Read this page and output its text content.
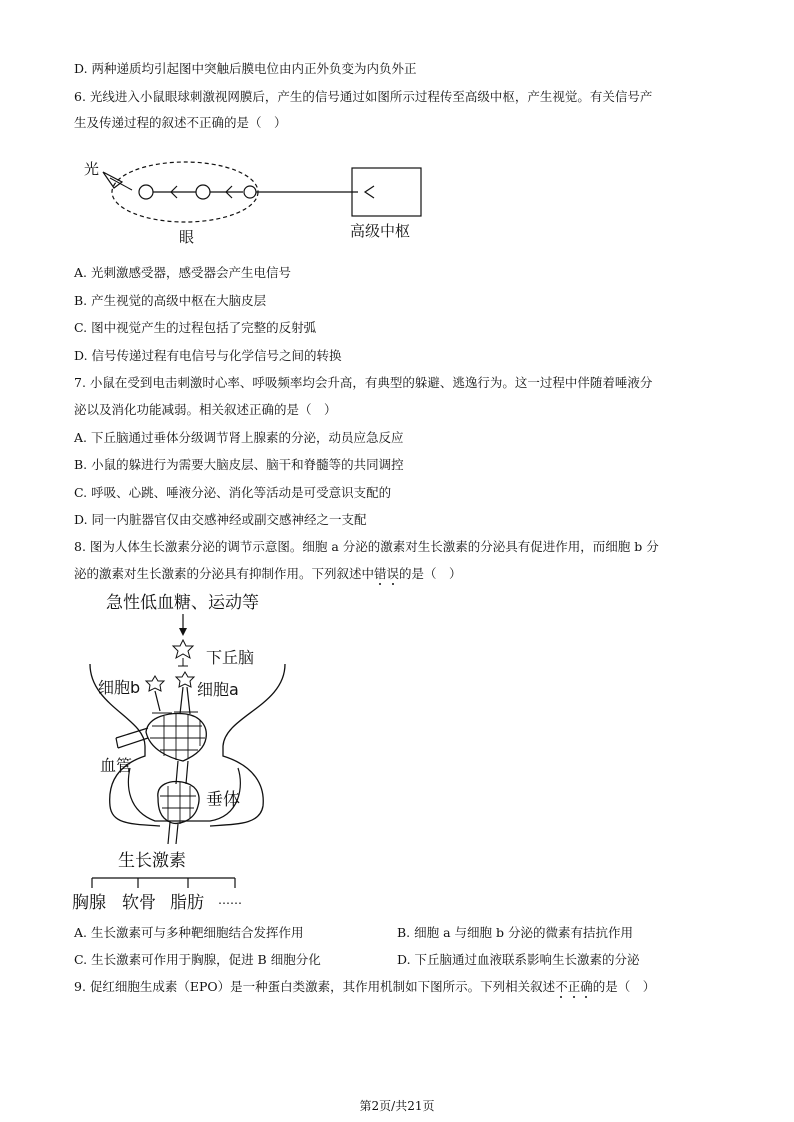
D. 两种递质均引起图中突触后膜电位由内正外负变为内负外正
6. 光线进入小鼠眼球刺激视网膜后，产生的信号通过如图所示过程传至高级中枢，产生视觉。有关信号产
生及传递过程的叙述不正确的是（　）
光
眼	高级中枢
A. 光刺激感受器，感受器会产生电信号
B. 产生视觉的高级中枢在大脑皮层
C. 图中视觉产生的过程包括了完整的反射弧
D. 信号传递过程有电信号与化学信号之间的转换
7. 小鼠在受到电击刺激时心率、呼吸频率均会升高，有典型的躲避、逃逸行为。这一过程中伴随着唾液分
泌以及消化功能减弱。相关叙述正确的是（　）
A. 下丘脑通过垂体分级调节肾上腺素的分泌，动员应急反应
B. 小鼠的躲进行为需要大脑皮层、脑干和脊髓等的共同调控
C. 呼吸、心跳、唾液分泌、消化等活动是可受意识支配的
D. 同一内脏器官仅由交感神经或副交感神经之一支配
8. 图为人体生长激素分泌的调节示意图。细胞 a 分泌的激素对生长激素的分泌具有促进作用，而细胞 b 分
泌的激素对生长激素的分泌具有抑制作用。下列叙述中错误的是（　）
急性低血糖、运动等
下丘脑
细胞a
细胞b
血管
垂体
生长激素
胸腺 软骨 脂肪 ……
A. 生长激素可与多种靶细胞结合发挥作用	B. 细胞 a 与细胞 b 分泌的微素有拮抗作用
C. 生长激素可作用于胸腺，促进 B 细胞分化	D. 下丘脑通过血液联系影响生长激素的分泌
9. 促红细胞生成素（EPO）是一种蛋白类激素，其作用机制如下图所示。下列相关叙述不正确的是（　）
第2页/共21页
